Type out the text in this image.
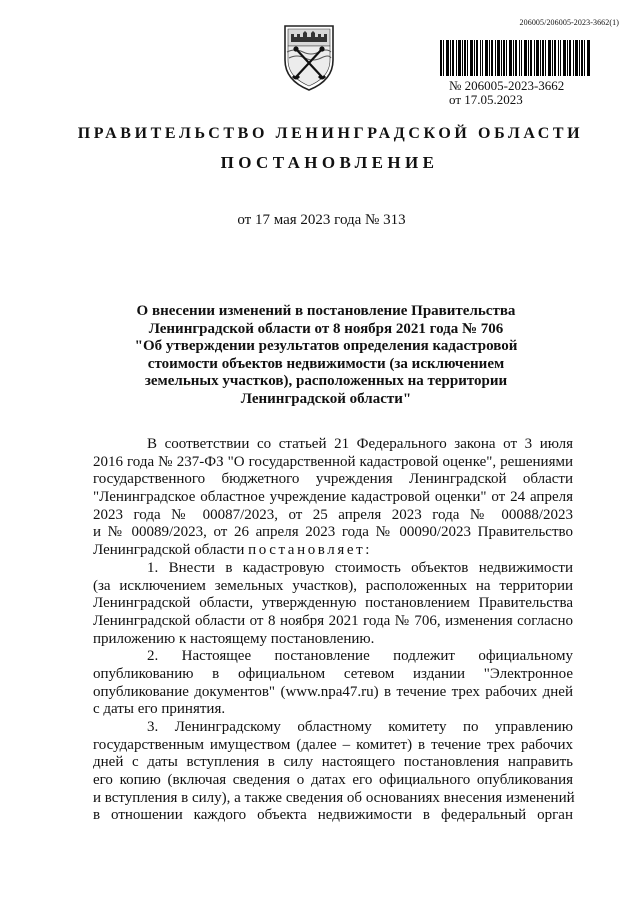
206005/206005-2023-3662(1)
№ 206005-2023-3662
от 17.05.2023
ПРАВИТЕЛЬСТВО ЛЕНИНГРАДСКОЙ ОБЛАСТИ
ПОСТАНОВЛЕНИЕ
от 17 мая 2023 года № 313
О внесении изменений в постановление Правительства
Ленинградской области от 8 ноября 2021 года № 706
"Об утверждении результатов определения кадастровой
стоимости объектов недвижимости (за исключением
земельных участков), расположенных на территории
Ленинградской области"
В соответствии со статьей 21 Федерального закона от 3 июля
2016 года № 237-ФЗ "О государственной кадастровой оценке", решениями
государственного бюджетного учреждения Ленинградской области
"Ленинградское областное учреждение кадастровой оценки" от 24 апреля
2023 года № 00087/2023, от 25 апреля 2023 года № 00088/2023
и № 00089/2023, от 26 апреля 2023 года № 00090/2023 Правительство
Ленинградской области постановляет:
1. Внести в кадастровую стоимость объектов недвижимости
(за исключением земельных участков), расположенных на территории
Ленинградской области, утвержденную постановлением Правительства
Ленинградской области от 8 ноября 2021 года № 706, изменения согласно
приложению к настоящему постановлению.
2. Настоящее постановление подлежит официальному
опубликованию в официальном сетевом издании "Электронное
опубликование документов" (www.npa47.ru) в течение трех рабочих дней
с даты его принятия.
3. Ленинградскому областному комитету по управлению
государственным имуществом (далее – комитет) в течение трех рабочих
дней с даты вступления в силу настоящего постановления направить
его копию (включая сведения о датах его официального опубликования
и вступления в силу), а также сведения об основаниях внесения изменений
в отношении каждого объекта недвижимости в федеральный орган
